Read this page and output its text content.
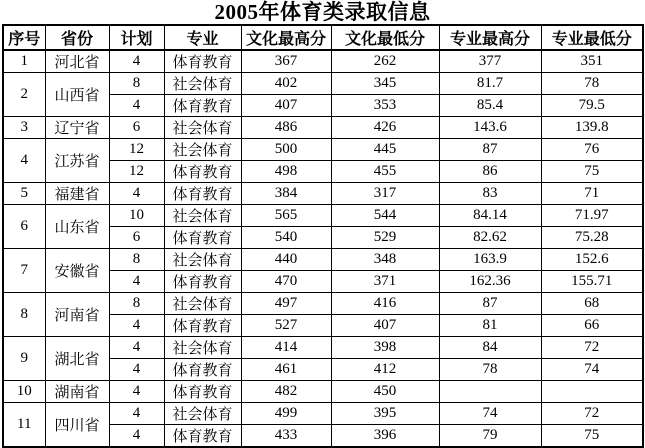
2005年体育类录取信息
序号	省份	计划	专业	文化最高分	文化最低分	专业最高分	专业最低分
1	河北省	4	体育教育	367	262	377	351
2	山西省	8	社会体育	402	345	81.7	78
		4	体育教育	407	353	85.4	79.5
3	辽宁省	6	社会体育	486	426	143.6	139.8
4	江苏省	12	社会体育	500	445	87	76
		12	体育教育	498	455	86	75
5	福建省	4	体育教育	384	317	83	71
6	山东省	10	社会体育	565	544	84.14	71.97
		6	体育教育	540	529	82.62	75.28
7	安徽省	8	社会体育	440	348	163.9	152.6
		4	体育教育	470	371	162.36	155.71
8	河南省	8	社会体育	497	416	87	68
		4	体育教育	527	407	81	66
9	湖北省	4	社会体育	414	398	84	72
		4	体育教育	461	412	78	74
10	湖南省	4	体育教育	482	450		
11	四川省	4	社会体育	499	395	74	72
		4	体育教育	433	396	79	75
